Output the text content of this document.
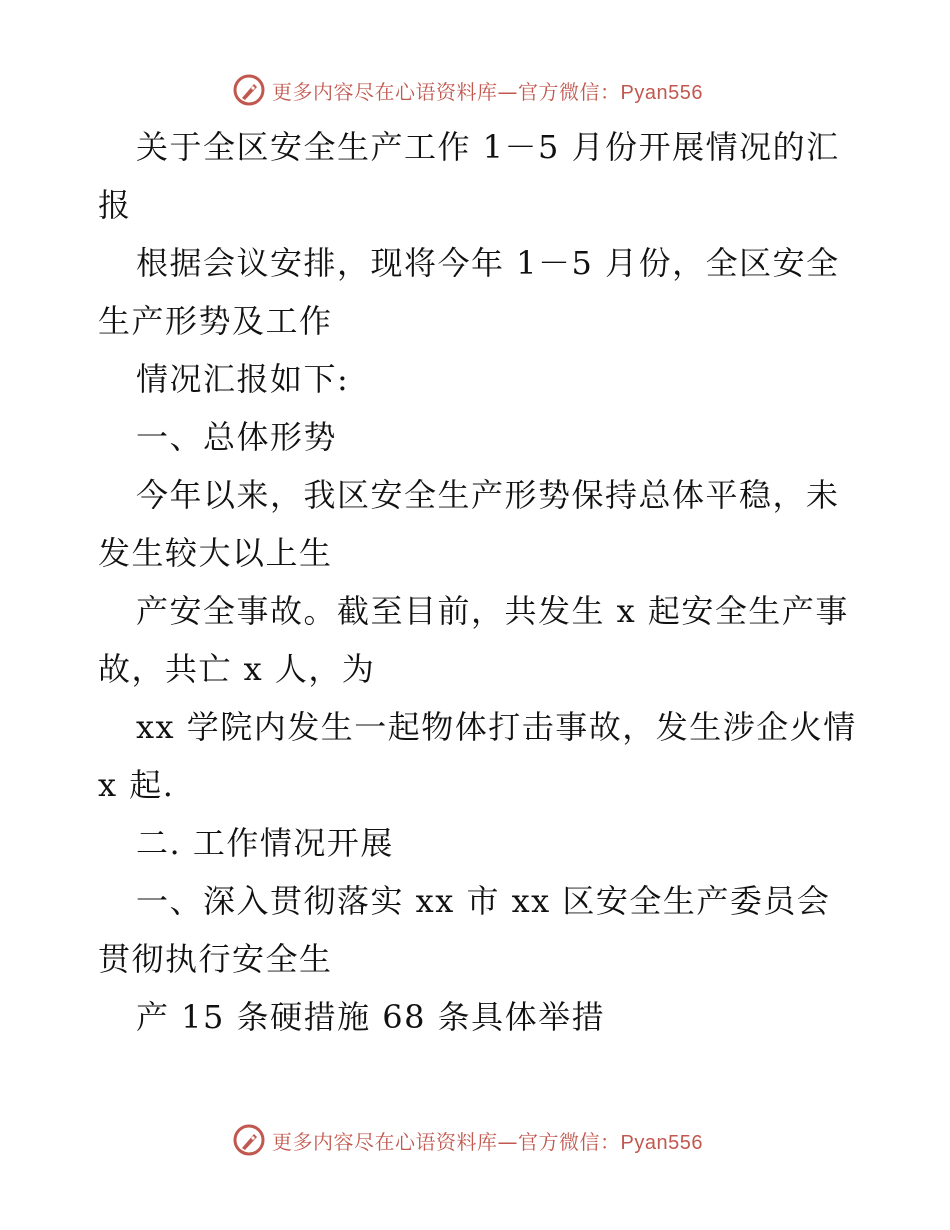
更多内容尽在心语资料库—官方微信：Pyan556

关于全区安全生产工作 1－5 月份开展情况的汇报

根据会议安排，现将今年 1－5 月份，全区安全生产形势及工作

情况汇报如下:

一、总体形势

今年以来，我区安全生产形势保持总体平稳，未发生较大以上生

产安全事故。截至目前，共发生 x 起安全生产事故，共亡 x 人，为

xx 学院内发生一起物体打击事故，发生涉企火情 x 起.

二. 工作情况开展

一、深入贯彻落实 xx 市 xx 区安全生产委员会贯彻执行安全生

产 15 条硬措施 68 条具体举措

更多内容尽在心语资料库—官方微信：Pyan556
